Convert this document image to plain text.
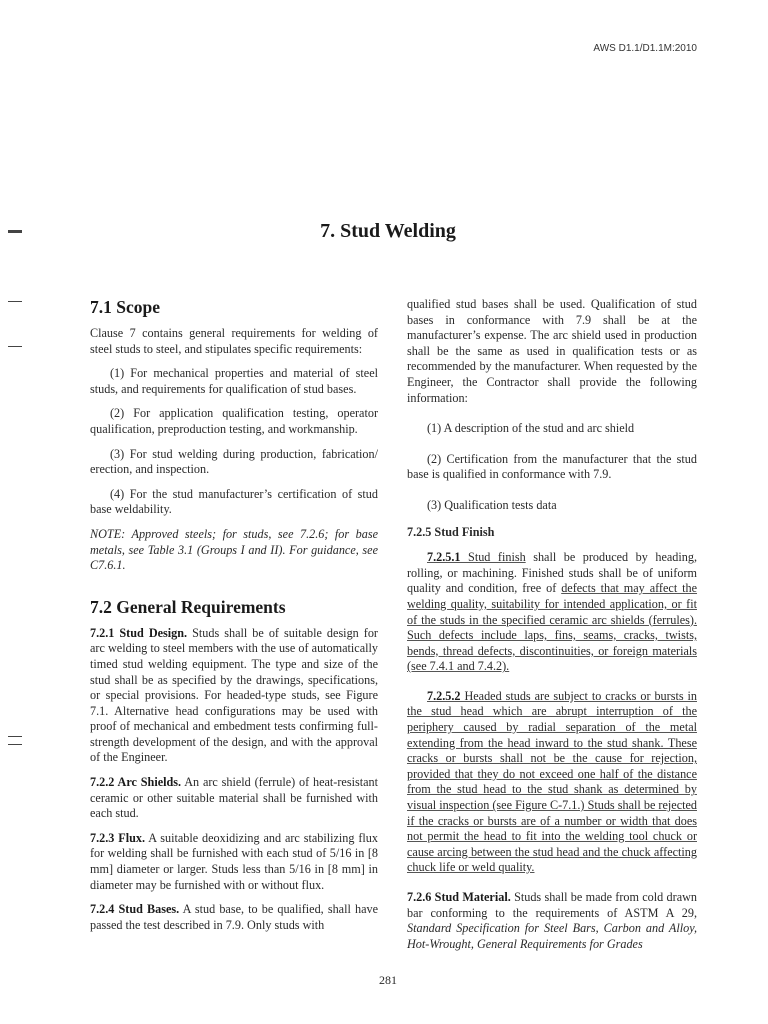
AWS D1.1/D1.1M:2010
7. Stud Welding
7.1 Scope

Clause 7 contains general requirements for welding of steel studs to steel, and stipulates specific requirements:

(1) For mechanical properties and material of steel studs, and requirements for qualification of stud bases.

(2) For application qualification testing, operator qualification, preproduction testing, and workmanship.

(3) For stud welding during production, fabrication/ erection, and inspection.

(4) For the stud manufacturer’s certification of stud base weldability.

NOTE: Approved steels; for studs, see 7.2.6; for base metals, see Table 3.1 (Groups I and II). For guidance, see C7.6.1.

7.2 General Requirements

7.2.1 Stud Design. Studs shall be of suitable design for arc welding to steel members with the use of automatically timed stud welding equipment. The type and size of the stud shall be as specified by the drawings, specifications, or special provisions. For headed-type studs, see Figure 7.1. Alternative head configurations may be used with proof of mechanical and embedment tests confirming full-strength development of the design, and with the approval of the Engineer.

7.2.2 Arc Shields. An arc shield (ferrule) of heat-resistant ceramic or other suitable material shall be furnished with each stud.

7.2.3 Flux. A suitable deoxidizing and arc stabilizing flux for welding shall be furnished with each stud of 5/16 in [8 mm] diameter or larger. Studs less than 5/16 in [8 mm] in diameter may be furnished with or without flux.

7.2.4 Stud Bases. A stud base, to be qualified, shall have passed the test described in 7.9. Only studs with

qualified stud bases shall be used. Qualification of stud bases in conformance with 7.9 shall be at the manufacturer’s expense. The arc shield used in production shall be the same as used in qualification tests or as recommended by the manufacturer. When requested by the Engineer, the Contractor shall provide the following information:

(1) A description of the stud and arc shield

(2) Certification from the manufacturer that the stud base is qualified in conformance with 7.9.

(3) Qualification tests data

7.2.5 Stud Finish

7.2.5.1 Stud finish shall be produced by heading, rolling, or machining. Finished studs shall be of uniform quality and condition, free of defects that may affect the welding quality, suitability for intended application, or fit of the studs in the specified ceramic arc shields (ferrules). Such defects include laps, fins, seams, cracks, twists, bends, thread defects, discontinuities, or foreign materials (see 7.4.1 and 7.4.2).

7.2.5.2 Headed studs are subject to cracks or bursts in the stud head which are abrupt interruption of the periphery caused by radial separation of the metal extending from the head inward to the stud shank. These cracks or bursts shall not be the cause for rejection, provided that they do not exceed one half of the distance from the stud head to the stud shank as determined by visual inspection (see Figure C-7.1.) Studs shall be rejected if the cracks or bursts are of a number or width that does not permit the head to fit into the welding tool chuck or cause arcing between the stud head and the chuck affecting chuck life or weld quality.

7.2.6 Stud Material. Studs shall be made from cold drawn bar conforming to the requirements of ASTM A 29, Standard Specification for Steel Bars, Carbon and Alloy, Hot-Wrought, General Requirements for Grades

281
